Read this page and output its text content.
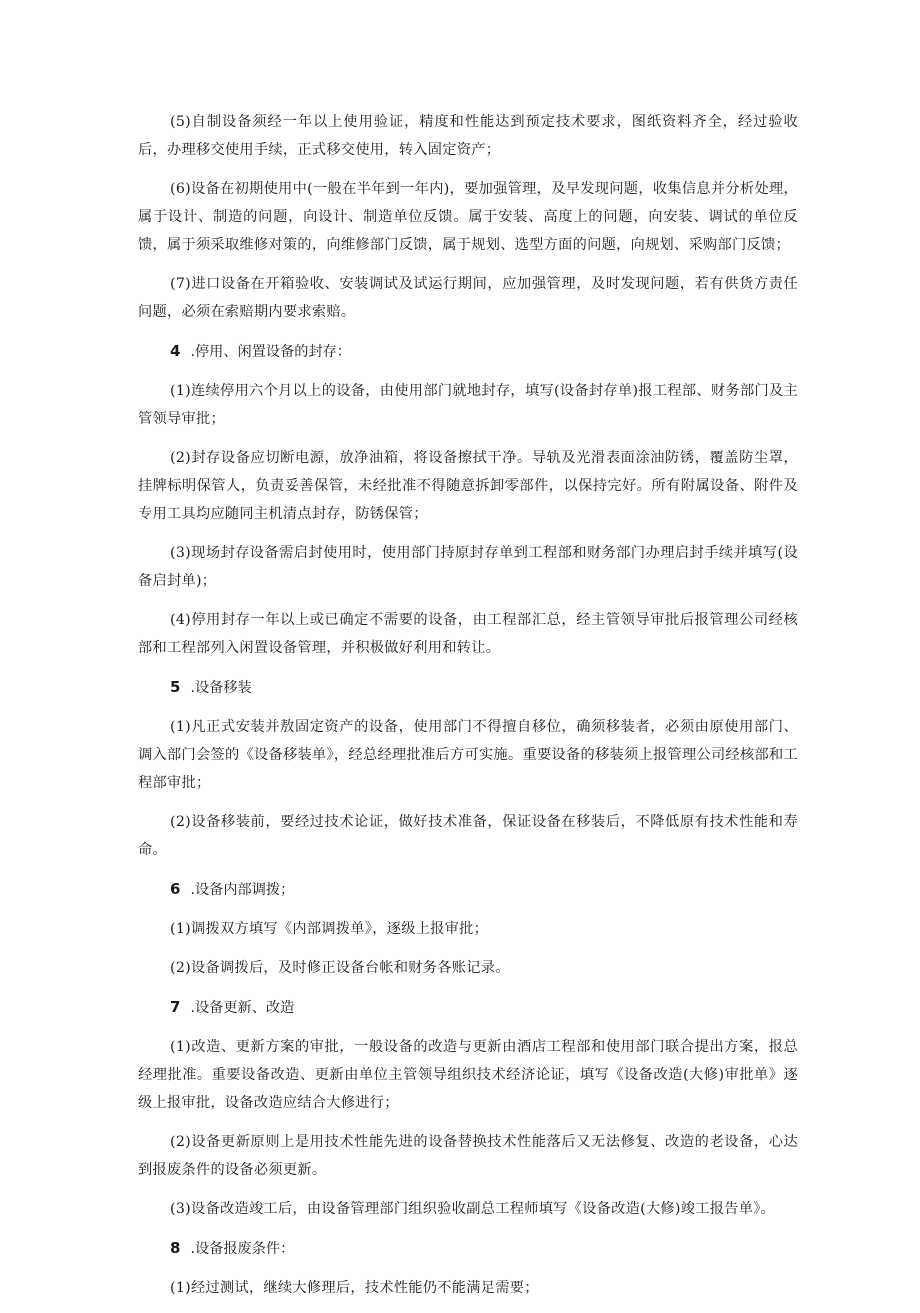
(5)自制设备须经一年以上使用验证，精度和性能达到预定技术要求，图纸资料齐全，经过验收后，办理移交使用手续，正式移交使用，转入固定资产；

(6)设备在初期使用中(一般在半年到一年内)，要加强管理，及早发现问题，收集信息并分析处理，属于设计、制造的问题，向设计、制造单位反馈。属于安装、高度上的问题，向安装、调试的单位反馈，属于须采取维修对策的，向维修部门反馈，属于规划、选型方面的问题，向规划、采购部门反馈；

(7)进口设备在开箱验收、安装调试及试运行期间，应加强管理，及时发现问题，若有供货方责任问题，必须在索赔期内要求索赔。

4 .停用、闲置设备的封存：

(1)连续停用六个月以上的设备，由使用部门就地封存，填写(设备封存单)报工程部、财务部门及主管领导审批；

(2)封存设备应切断电源，放净油箱，将设备擦拭干净。导轨及光滑表面涂油防锈，覆盖防尘罩，挂牌标明保管人，负责妥善保管，未经批准不得随意拆卸零部件，以保持完好。所有附属设备、附件及专用工具均应随同主机清点封存，防锈保管；

(3)现场封存设备需启封使用时，使用部门持原封存单到工程部和财务部门办理启封手续并填写(设备启封单)；

(4)停用封存一年以上或已确定不需要的设备，由工程部汇总，经主管领导审批后报管理公司经核部和工程部列入闲置设备管理，并积极做好利用和转让。

5 .设备移装

(1)凡正式安装并敖固定资产的设备，使用部门不得擅自移位，确须移装者，必须由原使用部门、调入部门会签的《设备移装单》，经总经理批准后方可实施。重要设备的移装须上报管理公司经核部和工程部审批；

(2)设备移装前，要经过技术论证，做好技术准备，保证设备在移装后，不降低原有技术性能和寿命。

6 .设备内部调拨；

(1)调拨双方填写《内部调拨单》，逐级上报审批；

(2)设备调拨后，及时修正设备台帐和财务各账记录。

7 .设备更新、改造

(1)改造、更新方案的审批，一般设备的改造与更新由酒店工程部和使用部门联合提出方案，报总经理批准。重要设备改造、更新由单位主管领导组织技术经济论证，填写《设备改造(大修)审批单》逐级上报审批，设备改造应结合大修进行；

(2)设备更新原则上是用技术性能先进的设备替换技术性能落后又无法修复、改造的老设备，心达到报废条件的设备必须更新。

(3)设备改造竣工后，由设备管理部门组织验收副总工程师填写《设备改造(大修)竣工报告单》。

8 .设备报废条件：

(1)经过测试，继续大修理后，技术性能仍不能满足需要；
